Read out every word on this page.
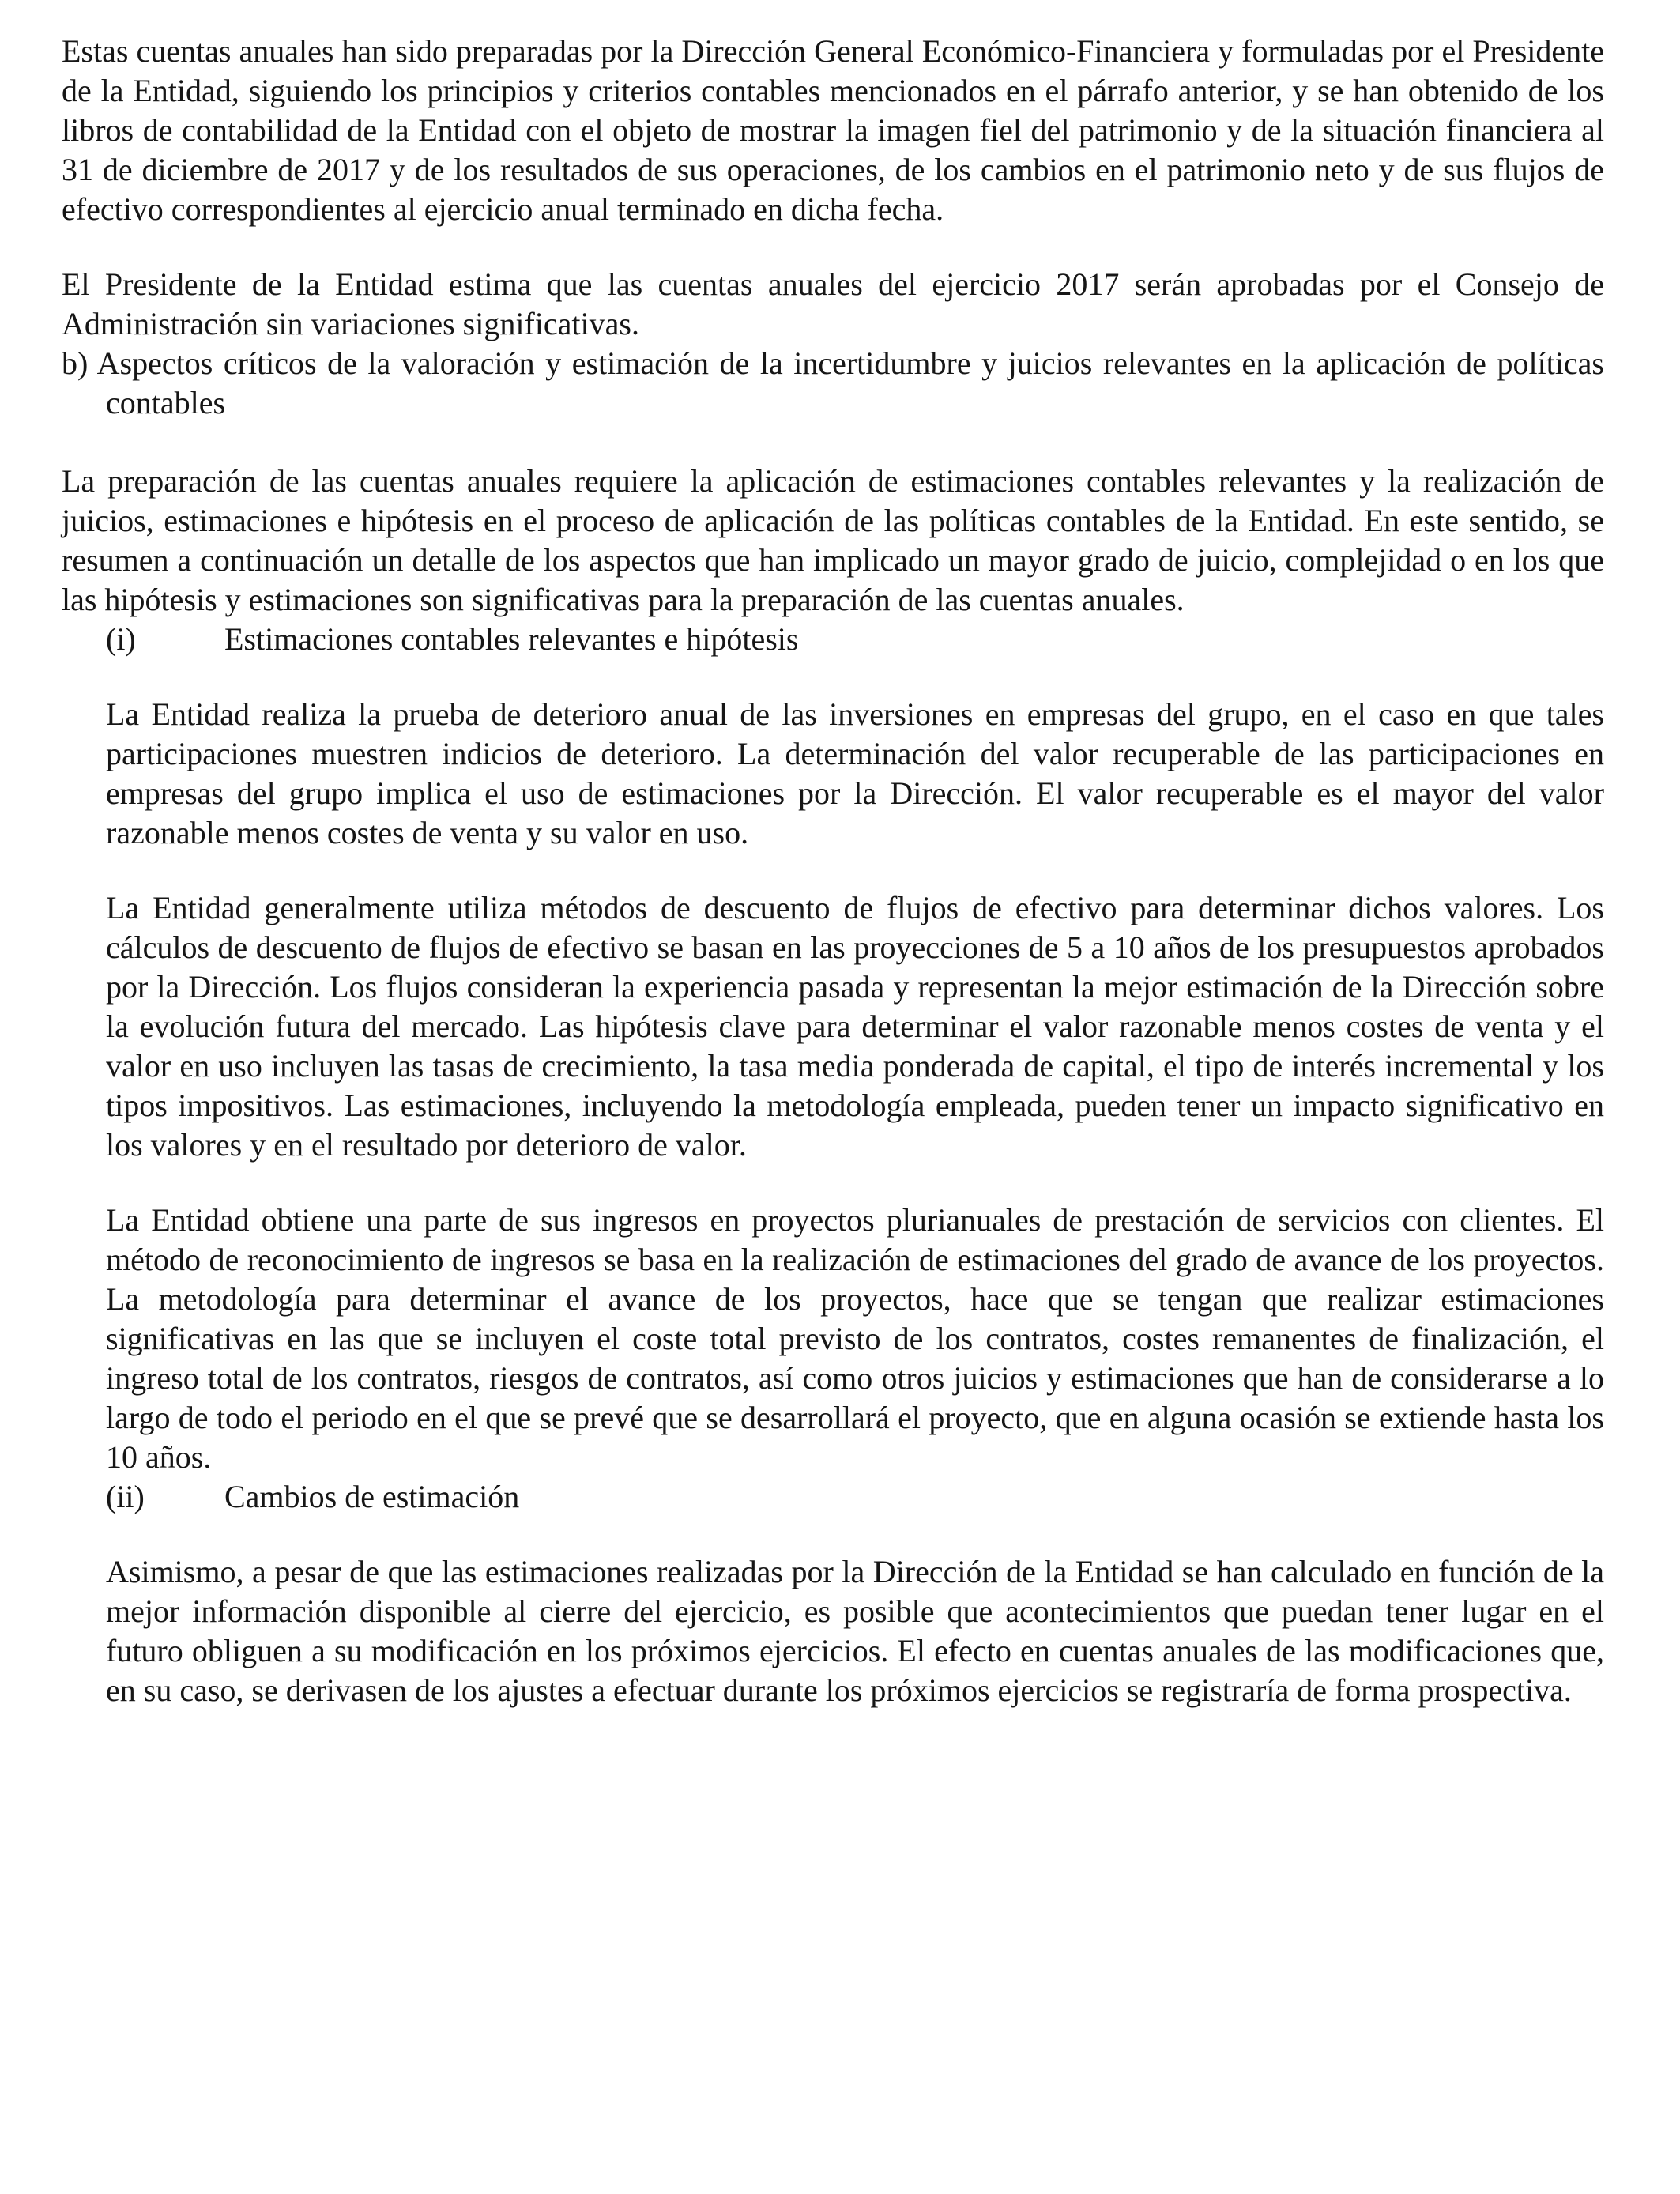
Estas cuentas anuales han sido preparadas por la Dirección General Económico-Financiera y formuladas por el Presidente de la Entidad, siguiendo los principios y criterios contables mencionados en el párrafo anterior, y se han obtenido de los libros de contabilidad de la Entidad con el objeto de mostrar la imagen fiel del patrimonio y de la situación financiera al 31 de diciembre de 2017 y de los resultados de sus operaciones, de los cambios en el patrimonio neto y de sus flujos de efectivo correspondientes al ejercicio anual terminado en dicha fecha.

El Presidente de la Entidad estima que las cuentas anuales del ejercicio 2017 serán aprobadas por el Consejo de Administración sin variaciones significativas.

b) Aspectos críticos de la valoración y estimación de la incertidumbre y juicios relevantes en la aplicación de políticas contables

La preparación de las cuentas anuales requiere la aplicación de estimaciones contables relevantes y la realización de juicios, estimaciones e hipótesis en el proceso de aplicación de las políticas contables de la Entidad. En este sentido, se resumen a continuación un detalle de los aspectos que han implicado un mayor grado de juicio, complejidad o en los que las hipótesis y estimaciones son significativas para la preparación de las cuentas anuales.

(i)	Estimaciones contables relevantes e hipótesis

La Entidad realiza la prueba de deterioro anual de las inversiones en empresas del grupo, en el caso en que tales participaciones muestren indicios de deterioro. La determinación del valor recuperable de las participaciones en empresas del grupo implica el uso de estimaciones por la Dirección. El valor recuperable es el mayor del valor razonable menos costes de venta y su valor en uso.

La Entidad generalmente utiliza métodos de descuento de flujos de efectivo para determinar dichos valores. Los cálculos de descuento de flujos de efectivo se basan en las proyecciones de 5 a 10 años de los presupuestos aprobados por la Dirección. Los flujos consideran la experiencia pasada y representan la mejor estimación de la Dirección sobre la evolución futura del mercado. Las hipótesis clave para determinar el valor razonable menos costes de venta y el valor en uso incluyen las tasas de crecimiento, la tasa media ponderada de capital, el tipo de interés incremental y los tipos impositivos. Las estimaciones, incluyendo la metodología empleada, pueden tener un impacto significativo en los valores y en el resultado por deterioro de valor.

La Entidad obtiene una parte de sus ingresos en proyectos plurianuales de prestación de servicios con clientes. El método de reconocimiento de ingresos se basa en la realización de estimaciones del grado de avance de los proyectos. La metodología para determinar el avance de los proyectos, hace que se tengan que realizar estimaciones significativas en las que se incluyen el coste total previsto de los contratos, costes remanentes de finalización, el ingreso total de los contratos, riesgos de contratos, así como otros juicios y estimaciones que han de considerarse a lo largo de todo el periodo en el que se prevé que se desarrollará el proyecto, que en alguna ocasión se extiende hasta los 10 años.

(ii)	Cambios de estimación

Asimismo, a pesar de que las estimaciones realizadas por la Dirección de la Entidad se han calculado en función de la mejor información disponible al cierre del ejercicio, es posible que acontecimientos que puedan tener lugar en el futuro obliguen a su modificación en los próximos ejercicios. El efecto en cuentas anuales de las modificaciones que, en su caso, se derivasen de los ajustes a efectuar durante los próximos ejercicios se registraría de forma prospectiva.
